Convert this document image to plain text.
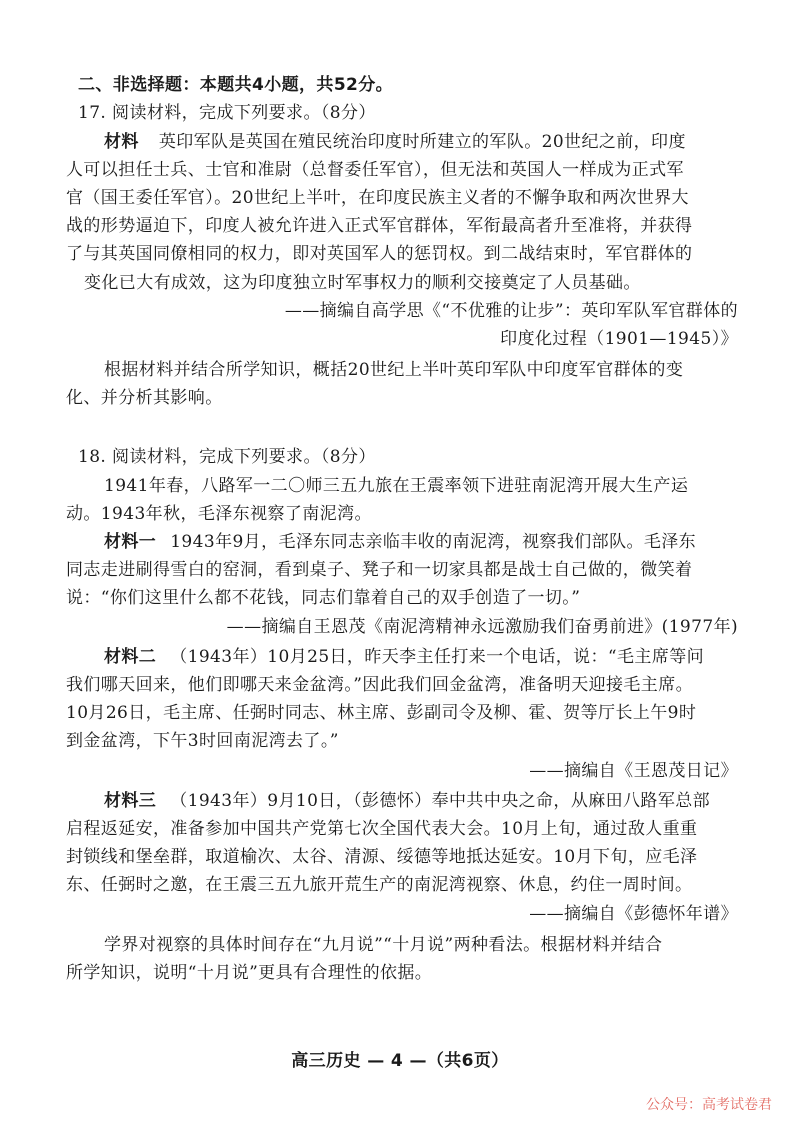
二、非选择题：本题共4小题，共52分。
17. 阅读材料，完成下列要求。（8分）
材料 英印军队是英国在殖民统治印度时所建立的军队。20世纪之前，印度
人可以担任士兵、士官和准尉（总督委任军官），但无法和英国人一样成为正式军
官（国王委任军官）。20世纪上半叶，在印度民族主义者的不懈争取和两次世界大
战的形势逼迫下，印度人被允许进入正式军官群体，军衔最高者升至准将，并获得
了与其英国同僚相同的权力，即对英国军人的惩罚权。到二战结束时，军官群体的
变化已大有成效，这为印度独立时军事权力的顺利交接奠定了人员基础。
——摘编自高学思《“不优雅的让步”：英印军队军官群体的
印度化过程（1901—1945）》
根据材料并结合所学知识，概括20世纪上半叶英印军队中印度军官群体的变
化、并分析其影响。
18. 阅读材料，完成下列要求。（8分）
1941年春，八路军一二〇师三五九旅在王震率领下进驻南泥湾开展大生产运
动。1943年秋，毛泽东视察了南泥湾。
材料一 1943年9月，毛泽东同志亲临丰收的南泥湾，视察我们部队。毛泽东
同志走进刷得雪白的窑洞，看到桌子、凳子和一切家具都是战士自己做的，微笑着
说：“你们这里什么都不花钱，同志们靠着自己的双手创造了一切。”
——摘编自王恩茂《南泥湾精神永远激励我们奋勇前进》(1977年)
材料二 （1943年）10月25日，昨天李主任打来一个电话，说：“毛主席等问
我们哪天回来，他们即哪天来金盆湾。”因此我们回金盆湾，准备明天迎接毛主席。
10月26日，毛主席、任弼时同志、林主席、彭副司令及柳、霍、贺等厅长上午9时
到金盆湾，下午3时回南泥湾去了。”
——摘编自《王恩茂日记》
材料三 （1943年）9月10日，（彭德怀）奉中共中央之命，从麻田八路军总部
启程返延安，准备参加中国共产党第七次全国代表大会。10月上旬，通过敌人重重
封锁线和堡垒群，取道榆次、太谷、清源、绥德等地抵达延安。10月下旬，应毛泽
东、任弼时之邀，在王震三五九旅开荒生产的南泥湾视察、休息，约住一周时间。
——摘编自《彭德怀年谱》
学界对视察的具体时间存在“九月说”“十月说”两种看法。根据材料并结合
所学知识，说明“十月说”更具有合理性的依据。
高三历史 — 4 —（共6页）
公众号：高考试卷君
